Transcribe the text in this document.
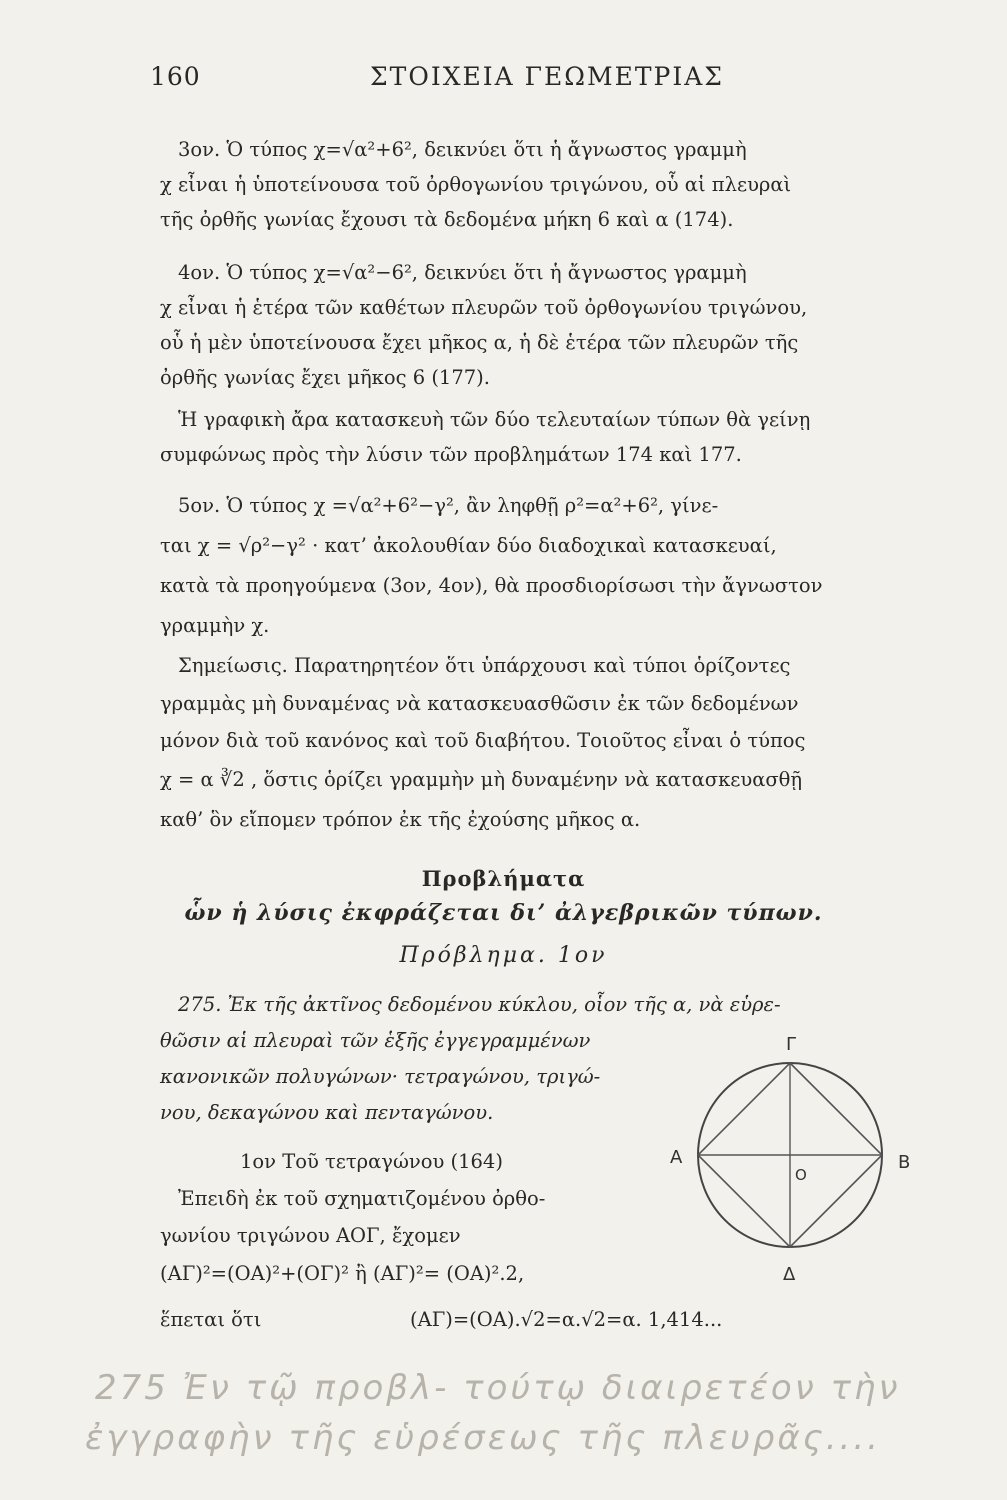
160	ΣΤΟΙΧΕΙΑ ΓΕΩΜΕΤΡΙΑΣ
3ον. Ὁ τύπος χ=√α²+6², δεικνύει ὅτι ἡ ἄγνωστος γραμμὴ
χ εἶναι ἡ ὑποτείνουσα τοῦ ὀρθογωνίου τριγώνου, οὗ αἱ πλευραὶ
τῆς ὀρθῆς γωνίας ἔχουσι τὰ δεδομένα μήκη 6 καὶ α (174).
4ον. Ὁ τύπος χ=√α²−6², δεικνύει ὅτι ἡ ἄγνωστος γραμμὴ
χ εἶναι ἡ ἑτέρα τῶν καθέτων πλευρῶν τοῦ ὀρθογωνίου τριγώνου,
οὗ ἡ μὲν ὑποτείνουσα ἔχει μῆκος α, ἡ δὲ ἑτέρα τῶν πλευρῶν τῆς
ὀρθῆς γωνίας ἔχει μῆκος 6 (177).
Ἡ γραφικὴ ἄρα κατασκευὴ τῶν δύο τελευταίων τύπων θὰ γείνῃ
συμφώνως πρὸς τὴν λύσιν τῶν προβλημάτων 174 καὶ 177.
5ον. Ὁ τύπος χ =√α²+6²−γ², ἂν ληφθῇ ρ²=α²+6², γίνε-
ται χ = √ρ²−γ² · κατ’ ἀκολουθίαν δύο διαδοχικαὶ κατασκευαί,
κατὰ τὰ προηγούμενα (3ον, 4ον), θὰ προσδιορίσωσι τὴν ἄγνωστον
γραμμὴν χ.
Σημείωσις. Παρατηρητέον ὅτι ὑπάρχουσι καὶ τύποι ὁρίζοντες
γραμμὰς μὴ δυναμένας νὰ κατασκευασθῶσιν ἐκ τῶν δεδομένων
μόνον διὰ τοῦ κανόνος καὶ τοῦ διαβήτου. Τοιοῦτος εἶναι ὁ τύπος
χ = α ∛2 , ὅστις ὁρίζει γραμμὴν μὴ δυναμένην νὰ κατασκευασθῇ
καθ’ ὃν εἴπομεν τρόπον ἐκ τῆς ἐχούσης μῆκος α.
Προβλήματα
ὧν ἡ λύσις ἐκφράζεται δι’ ἀλγεβρικῶν τύπων.
Πρόβλημα. 1ον
275. Ἐκ τῆς ἀκτῖνος δεδομένου κύκλου, οἷον τῆς α, νὰ εὑρε-
θῶσιν αἱ πλευραὶ τῶν ἑξῆς ἐγγεγραμμένων
κανονικῶν πολυγώνων· τετραγώνου, τριγώ-
νου, δεκαγώνου καὶ πενταγώνου.
1ον Τοῦ τετραγώνου (164)
Ἐπειδὴ ἐκ τοῦ σχηματιζομένου ὀρθο-
γωνίου τριγώνου ΑΟΓ, ἔχομεν
(ΑΓ)²=(ΟΑ)²+(ΟΓ)² ἢ (ΑΓ)²= (ΟΑ)².2,
ἕπεται ὅτι	(ΑΓ)=(ΟΑ).√2=α.√2=α. 1,414...
Γ
Α	Β
Δ
Ο
275 Ἐν τῷ προβλ- τούτῳ διαιρετέον τὴν
ἐγγραφὴν τῆς εὑρέσεως τῆς πλευρᾶς....
